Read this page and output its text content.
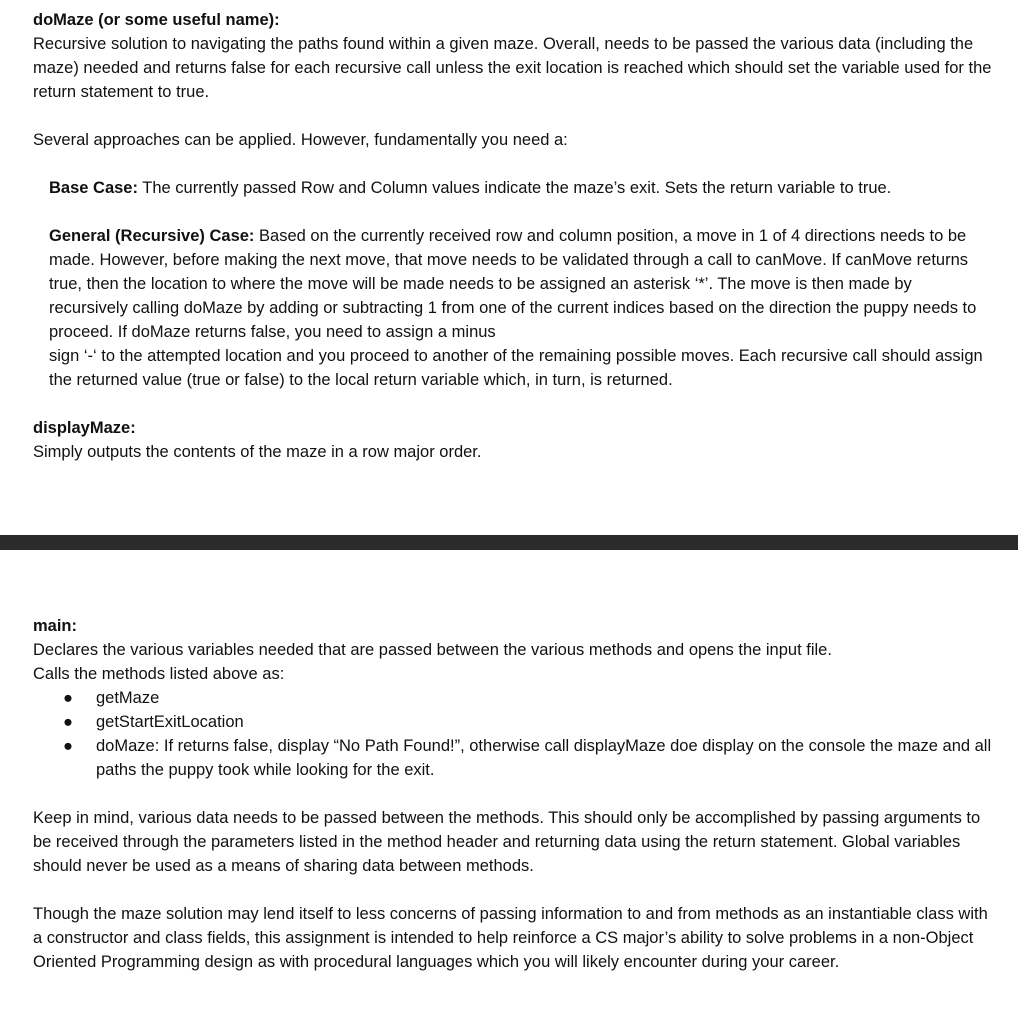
doMaze (or some useful name):

Recursive solution to navigating the paths found within a given maze. Overall, needs to be passed the various data (including the maze) needed and returns false for each recursive call unless the exit location is reached which should set the variable used for the return statement to true.

Several approaches can be applied. However, fundamentally you need a:

Base Case: The currently passed Row and Column values indicate the maze’s exit. Sets the return variable to true.

General (Recursive) Case: Based on the currently received row and column position, a move in 1 of 4 directions needs to be made. However, before making the next move, that move needs to be validated through a call to canMove. If canMove returns true, then the location to where the move will be made needs to be assigned an asterisk ‘*’. The move is then made by recursively calling doMaze by adding or subtracting 1 from one of the current indices based on the direction the puppy needs to proceed. If doMaze returns false, you need to assign a minus

sign ‘-‘ to the attempted location and you proceed to another of the remaining possible moves. Each recursive call should assign the returned value (true or false) to the local return variable which, in turn, is returned.

displayMaze:

Simply outputs the contents of the maze in a row major order.

main:

Declares the various variables needed that are passed between the various methods and opens the input file.

Calls the methods listed above as:

● getMaze
● getStartExitLocation
● doMaze: If returns false, display “No Path Found!”, otherwise call displayMaze doe display on the console the maze and all paths the puppy took while looking for the exit.

Keep in mind, various data needs to be passed between the methods. This should only be accomplished by passing arguments to be received through the parameters listed in the method header and returning data using the return statement. Global variables should never be used as a means of sharing data between methods.

Though the maze solution may lend itself to less concerns of passing information to and from methods as an instantiable class with a constructor and class fields, this assignment is intended to help reinforce a CS major’s ability to solve problems in a non-Object Oriented Programming design as with procedural languages which you will likely encounter during your career.
